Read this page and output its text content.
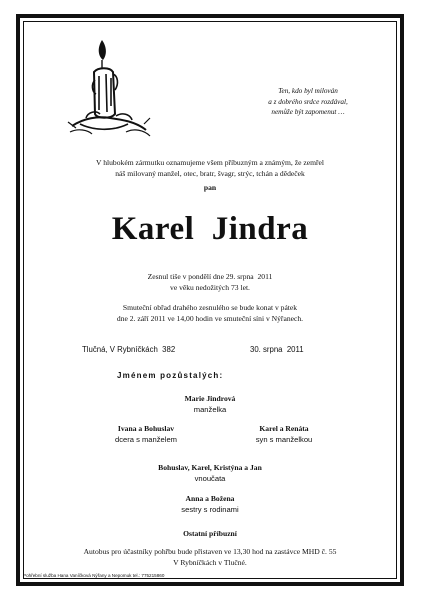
Ten, kdo byl milován
a z dobrého srdce rozdával,
nemůže být zapomenut …
V hlubokém zármutku oznamujeme všem příbuzným a známým, že zemřel
náš milovaný manžel, otec, bratr, švagr, strýc, tchán a dědeček
pan
Karel  Jindra
Zesnul tiše v pondělí dne 29. srpna  2011
ve věku nedožitých 73 let.
Smuteční obřad drahého zesnulého se bude konat v pátek
dne 2. září 2011 ve 14,00 hodin ve smuteční síni v Nýřanech.
Tlučná, V Rybníčkách  382	30. srpna  2011
Jménem pozůstalých:
Marie Jindrová
manželka
Ivana a Bohuslav
dcera s manželem
Karel a Renáta
syn s manželkou
Bohuslav, Karel, Kristýna a Jan
vnoučata
Anna a Božena
sestry s rodinami
Ostatní příbuzní
Autobus pro účastníky pohřbu bude přistaven ve 13,30 hod na zastávce MHD č. 55
V Rybníčkách v Tlučné.
Pohřební služba Hana Vaníčková Nýřany a Nepomuk tel.: 775215860
